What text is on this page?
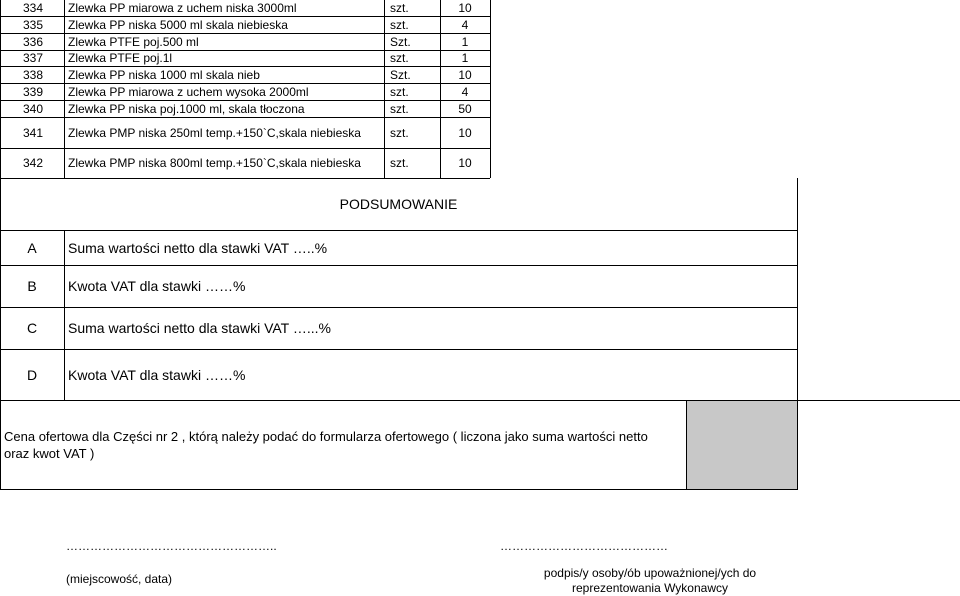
334	Zlewka PP miarowa z uchem niska 3000ml	szt.	10
335	Zlewka PP niska 5000 ml skala niebieska	szt.	4
336	Zlewka PTFE poj.500 ml	Szt.	1
337	Zlewka PTFE poj.1l	szt.	1
338	Zlewka PP niska 1000 ml skala nieb	Szt.	10
339	Zlewka PP miarowa z uchem wysoka 2000ml	szt.	4
340	Zlewka PP niska poj.1000 ml, skala tłoczona	szt.	50
341	Zlewka PMP niska 250ml temp.+150`C,skala niebieska	szt.	10
342	Zlewka PMP niska 800ml temp.+150`C,skala niebieska	szt.	10
PODSUMOWANIE
A	Suma wartości netto dla stawki VAT …..%
B	Kwota VAT dla stawki ……%
C	Suma wartości netto dla stawki VAT …...%
D	Kwota VAT dla stawki ……%
Cena ofertowa dla Części nr 2 , którą należy podać do formularza ofertowego ( liczona jako suma wartości netto
oraz kwot VAT )
……………………………………………..
(miejscowość, data)
……………………………………
podpis/y osoby/ób upoważnionej/ych do
reprezentowania Wykonawcy
